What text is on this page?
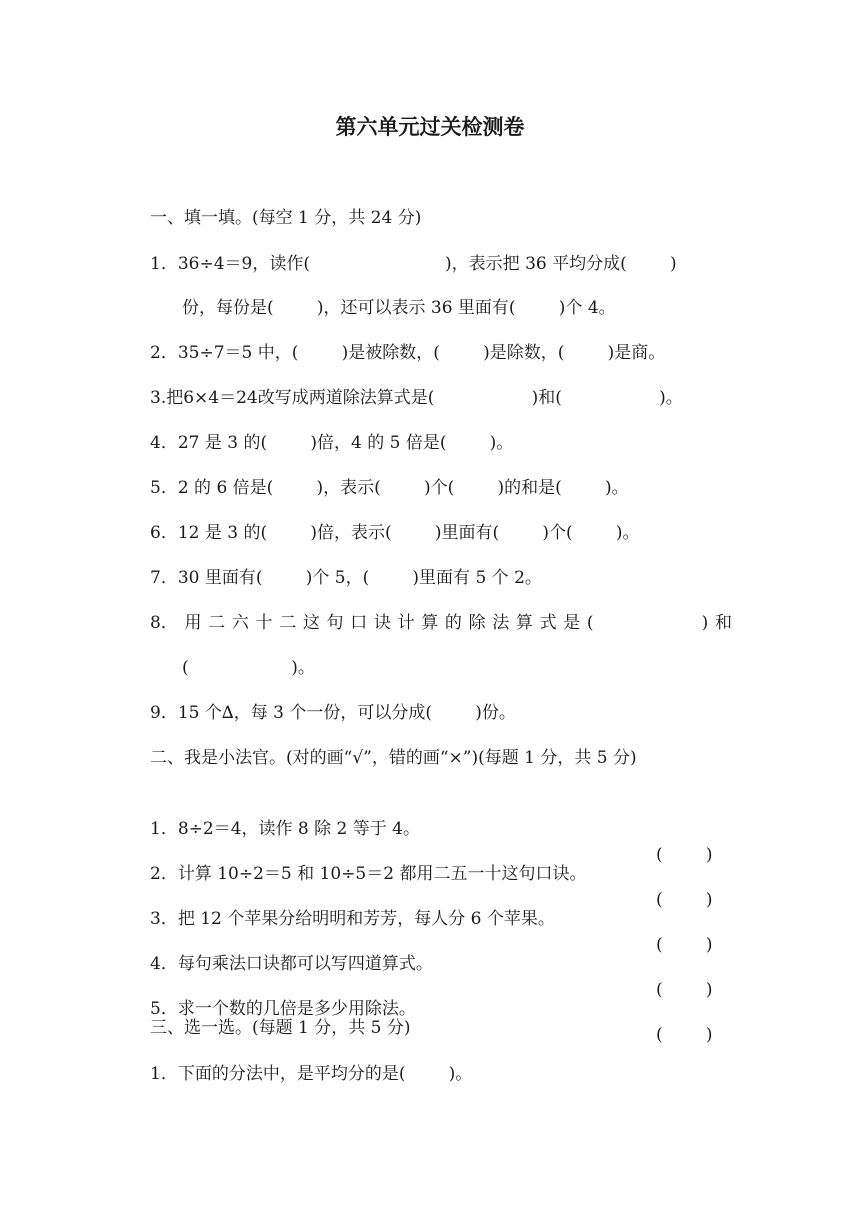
第六单元过关检测卷
一、填一填。(每空 1 分，共 24 分)
1．36÷4＝9，读作(                         )，表示把 36 平均分成(        )
份，每份是(        )，还可以表示 36 里面有(        )个 4。
2．35÷7＝5 中，(        )是被除数，(        )是除数，(        )是商。
3.把6×4＝24改写成两道除法算式是(                  )和(                  )。
4．27 是 3 的(        )倍，4 的 5 倍是(        )。
5．2 的 6 倍是(        )，表示(        )个(        )的和是(        )。
6．12 是 3 的(        )倍，表示(        )里面有(        )个(        )。
7．30 里面有(        )个 5，(        )里面有 5 个 2。
8． 用 二 六 十 二 这 句 口 诀 计 算 的 除 法 算 式 是 (                    ) 和
(                   )。
9．15 个∆，每 3 个一份，可以分成(        )份。
二、我是小法官。(对的画“√”，错的画“×”)(每题 1 分，共 5 分)

1．8÷2＝4，读作 8 除 2 等于 4。

(        )

2．计算 10÷2＝5 和 10÷5＝2 都用二五一十这句口诀。

(        )

3．把 12 个苹果分给明明和芳芳，每人分 6 个苹果。

(        )

4．每句乘法口诀都可以写四道算式。

(        )

5．求一个数的几倍是多少用除法。

(        )

三、选一选。(每题 1 分，共 5 分)
1．下面的分法中，是平均分的是(        )。
